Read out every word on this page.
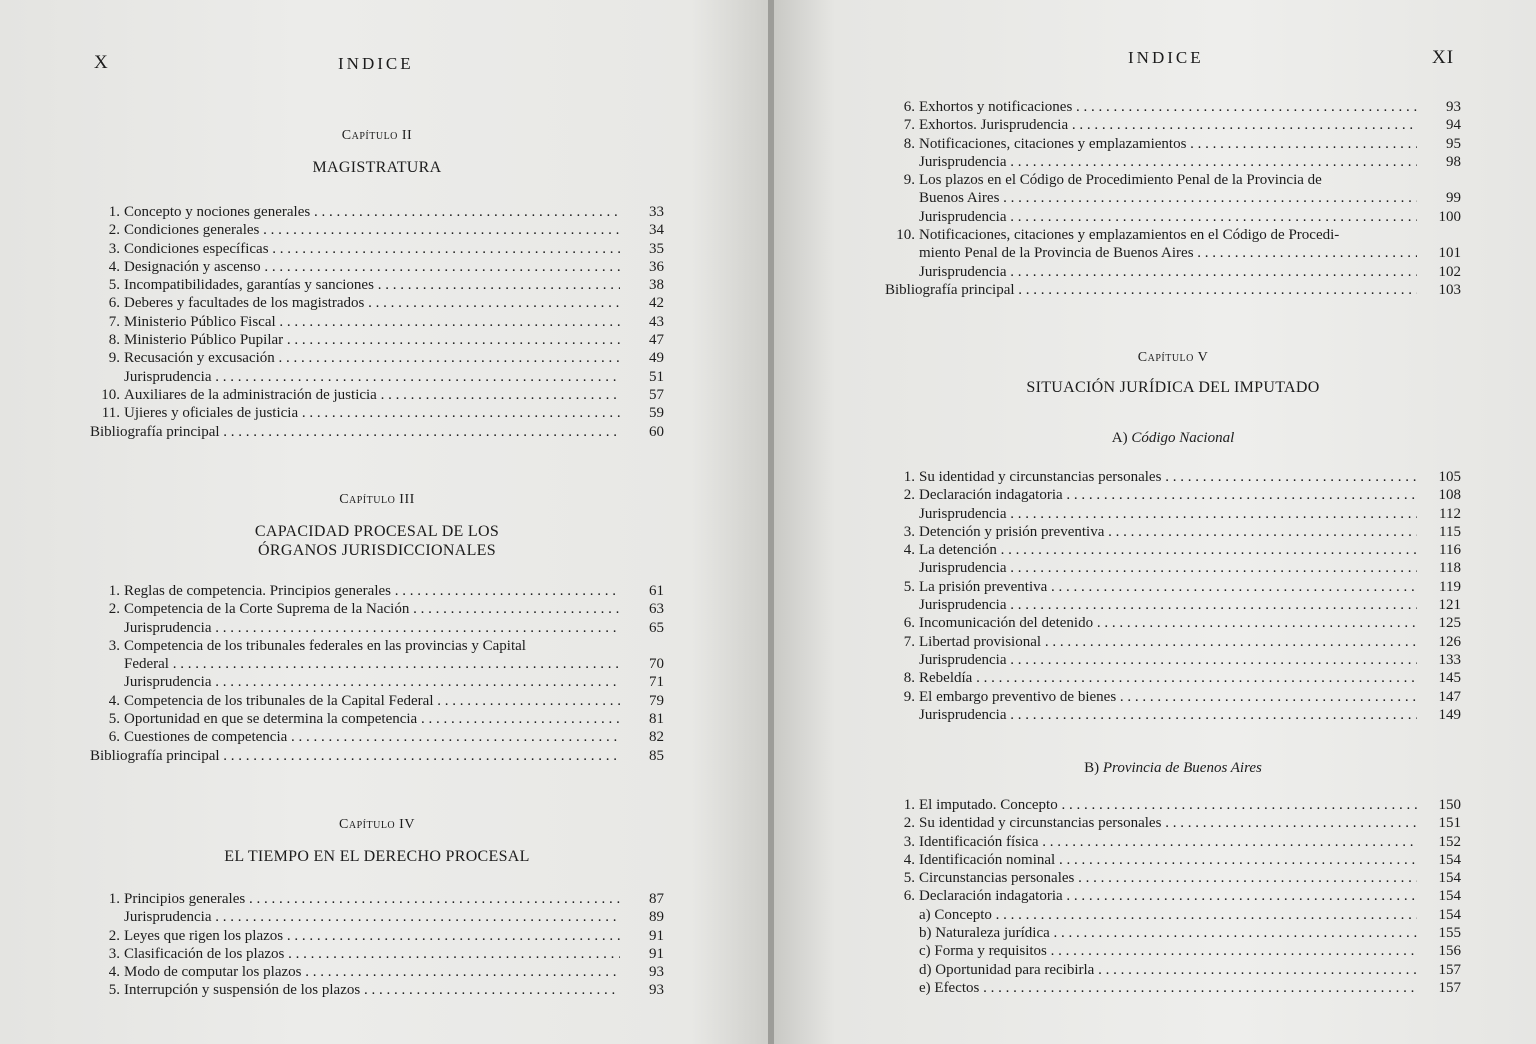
X	INDICE
Capítulo II
MAGISTRATURA
1. Concepto y nociones generales . . .	33
2. Condiciones generales . . .	34
3. Condiciones específicas . . .	35
4. Designación y ascenso . . .	36
5. Incompatibilidades, garantías y sanciones . . .	38
6. Deberes y facultades de los magistrados . . .	42
7. Ministerio Público Fiscal . . .	43
8. Ministerio Público Pupilar . . .	47
9. Recusación y excusación . . .	49
Jurisprudencia . . .	51
10. Auxiliares de la administración de justicia . . .	57
11. Ujieres y oficiales de justicia . . .	59
Bibliografía principal . . .	60
Capítulo III
CAPACIDAD PROCESAL DE LOS ÓRGANOS JURISDICCIONALES
1. Reglas de competencia. Principios generales . . .	61
2. Competencia de la Corte Suprema de la Nación . . .	63
Jurisprudencia . . .	65
3. Competencia de los tribunales federales en las provincias y Capital
Federal . . .	70
Jurisprudencia . . .	71
4. Competencia de los tribunales de la Capital Federal . . .	79
5. Oportunidad en que se determina la competencia . . .	81
6. Cuestiones de competencia . . .	82
Bibliografía principal . . .	85
Capítulo IV
EL TIEMPO EN EL DERECHO PROCESAL
1. Principios generales . . .	87
Jurisprudencia . . .	89
2. Leyes que rigen los plazos . . .	91
3. Clasificación de los plazos . . .	91
4. Modo de computar los plazos . . .	93
5. Interrupción y suspensión de los plazos . . .	93
INDICE	XI
6. Exhortos y notificaciones . . .	93
7. Exhortos. Jurisprudencia . . .	94
8. Notificaciones, citaciones y emplazamientos . . .	95
Jurisprudencia . . .	98
9. Los plazos en el Código de Procedimiento Penal de la Provincia de
Buenos Aires . . .	99
Jurisprudencia . . .	100
10. Notificaciones, citaciones y emplazamientos en el Código de Procedi-
miento Penal de la Provincia de Buenos Aires . . .	101
Jurisprudencia . . .	102
Bibliografía principal . . .	103
Capítulo V
SITUACIÓN JURÍDICA DEL IMPUTADO
A) Código Nacional
1. Su identidad y circunstancias personales . . .	105
2. Declaración indagatoria . . .	108
Jurisprudencia . . .	112
3. Detención y prisión preventiva . . .	115
4. La detención . . .	116
Jurisprudencia . . .	118
5. La prisión preventiva . . .	119
Jurisprudencia . . .	121
6. Incomunicación del detenido . . .	125
7. Libertad provisional . . .	126
Jurisprudencia . . .	133
8. Rebeldía . . .	145
9. El embargo preventivo de bienes . . .	147
Jurisprudencia . . .	149
B) Provincia de Buenos Aires
1. El imputado. Concepto . . .	150
2. Su identidad y circunstancias personales . . .	151
3. Identificación física . . .	152
4. Identificación nominal . . .	154
5. Circunstancias personales . . .	154
6. Declaración indagatoria . . .	154
a) Concepto . . .	154
b) Naturaleza jurídica . . .	155
c) Forma y requisitos . . .	156
d) Oportunidad para recibirla . . .	157
e) Efectos . . .	157
